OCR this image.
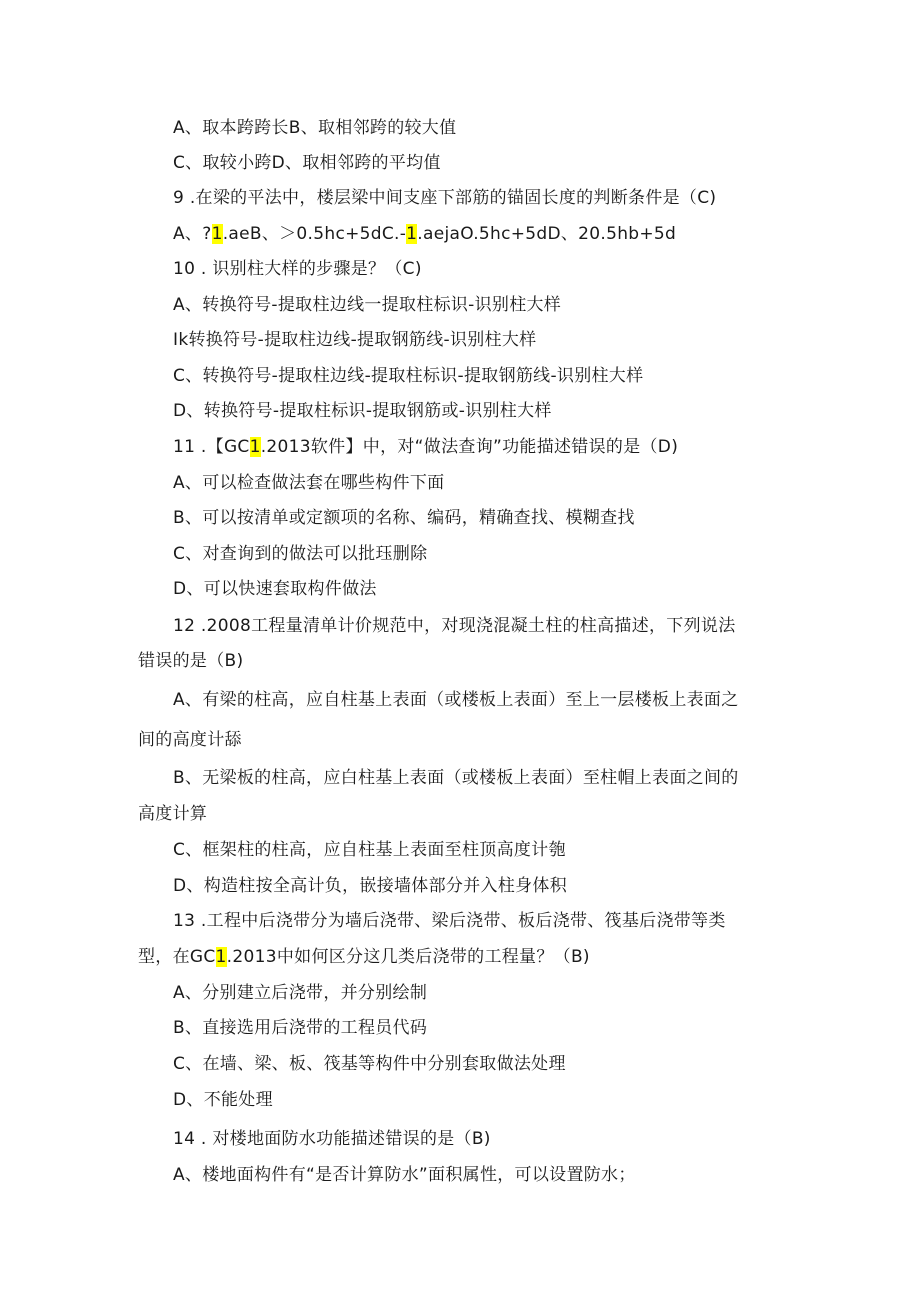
A、取本跨跨长B、取相邻跨的较大值
C、取较小跨D、取相邻跨的平均值
9 .在梁的平法中，楼层梁中间支座下部筋的锚固长度的判断条件是（C)
A、?1.aeB、＞0.5hc+5dC.-1.aejaO.5hc+5dD、20.5hb+5d
10 . 识别柱大样的步骤是？（C)
A、转换符号-提取柱边线一提取柱标识-识别柱大样
Ik转换符号-提取柱边线-提取钢筋线-识别柱大样
C、转换符号-提取柱边线-提取柱标识-提取钢筋线-识别柱大样
D、转换符号-提取柱标识-提取钢筋或-识别柱大样
11 .【GC1.2013软件】中，对“做法查询”功能描述错误的是（D)
A、可以检查做法套在哪些构件下面
B、可以按清单或定额项的名称、编码，精确查找、模糊查找
C、对查询到的做法可以批珏删除
D、可以快速套取构件做法
12 .2008工程量清单计价规范中，对现浇混凝土柱的柱高描述，下列说法
错误的是（B)
A、有梁的柱高，应自柱基上表面（或楼板上表面）至上一层楼板上表面之
间的高度计舔
B、无梁板的柱高，应白柱基上表面（或楼板上表面）至柱帽上表面之间的
高度计算
C、框架柱的柱高，应自柱基上表面至柱顶高度计匏
D、构造柱按全高计负，嵌接墙体部分并入柱身体积
13 .工程中后浇带分为墙后浇带、梁后浇带、板后浇带、筏基后浇带等类
型，在GC1.2013中如何区分这几类后浇带的工程量？（B)
A、分别建立后浇带，并分别绘制
B、直接选用后浇带的工程员代码
C、在墙、梁、板、筏基等构件中分别套取做法处理
D、不能处理
14 . 对楼地面防水功能描述错误的是（B)
A、楼地面构件有“是否计算防水”面积属性，可以设置防水；
